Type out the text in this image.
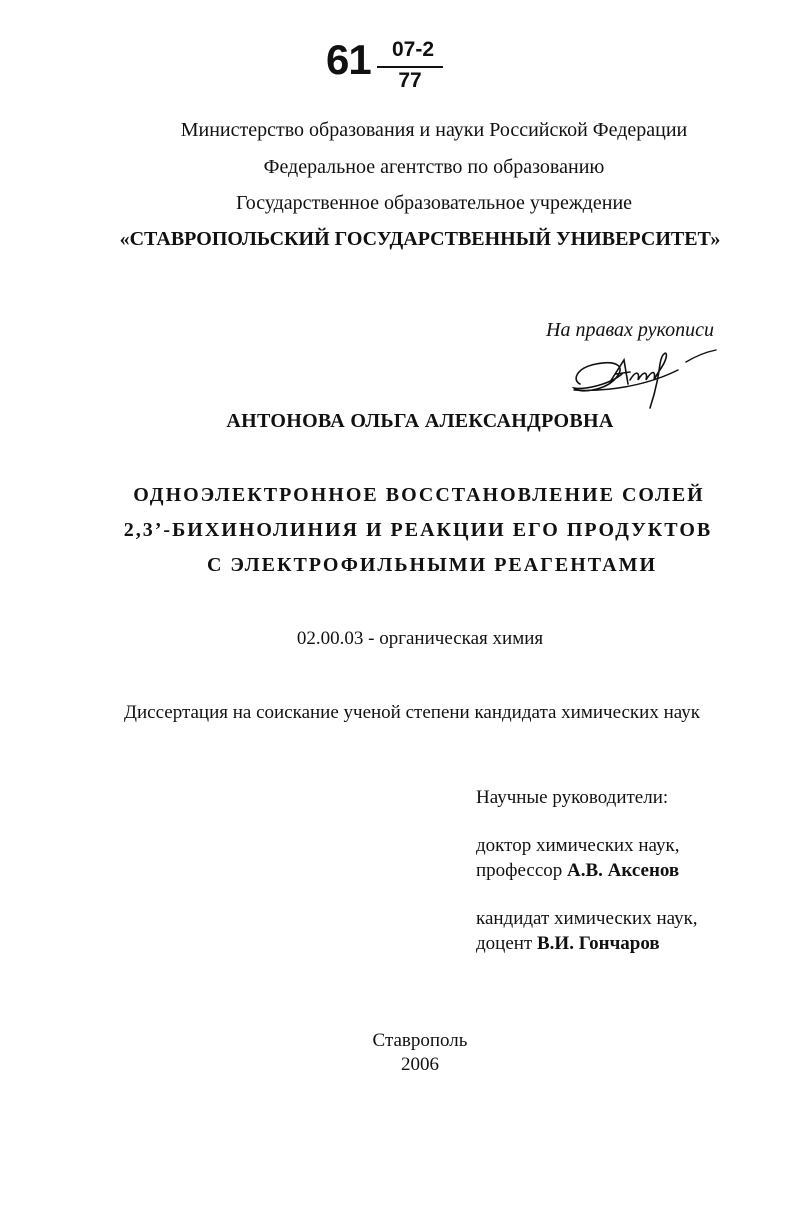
61 07-2
77
Министерство образования и науки Российской Федерации
Федеральное агентство по образованию
Государственное образовательное учреждение
«СТАВРОПОЛЬСКИЙ ГОСУДАРСТВЕННЫЙ УНИВЕРСИТЕТ»
На правах рукописи
АНТОНОВА ОЛЬГА АЛЕКСАНДРОВНА
ОДНОЭЛЕКТРОННОЕ ВОССТАНОВЛЕНИЕ СОЛЕЙ
2,3’-БИХИНОЛИНИЯ И РЕАКЦИИ ЕГО ПРОДУКТОВ
С ЭЛЕКТРОФИЛЬНЫМИ РЕАГЕНТАМИ
02.00.03 - органическая химия
Диссертация на соискание ученой степени кандидата химических наук
Научные руководители:
доктор химических наук,
профессор А.В. Аксенов
кандидат химических наук,
доцент В.И. Гончаров
Ставрополь
2006
